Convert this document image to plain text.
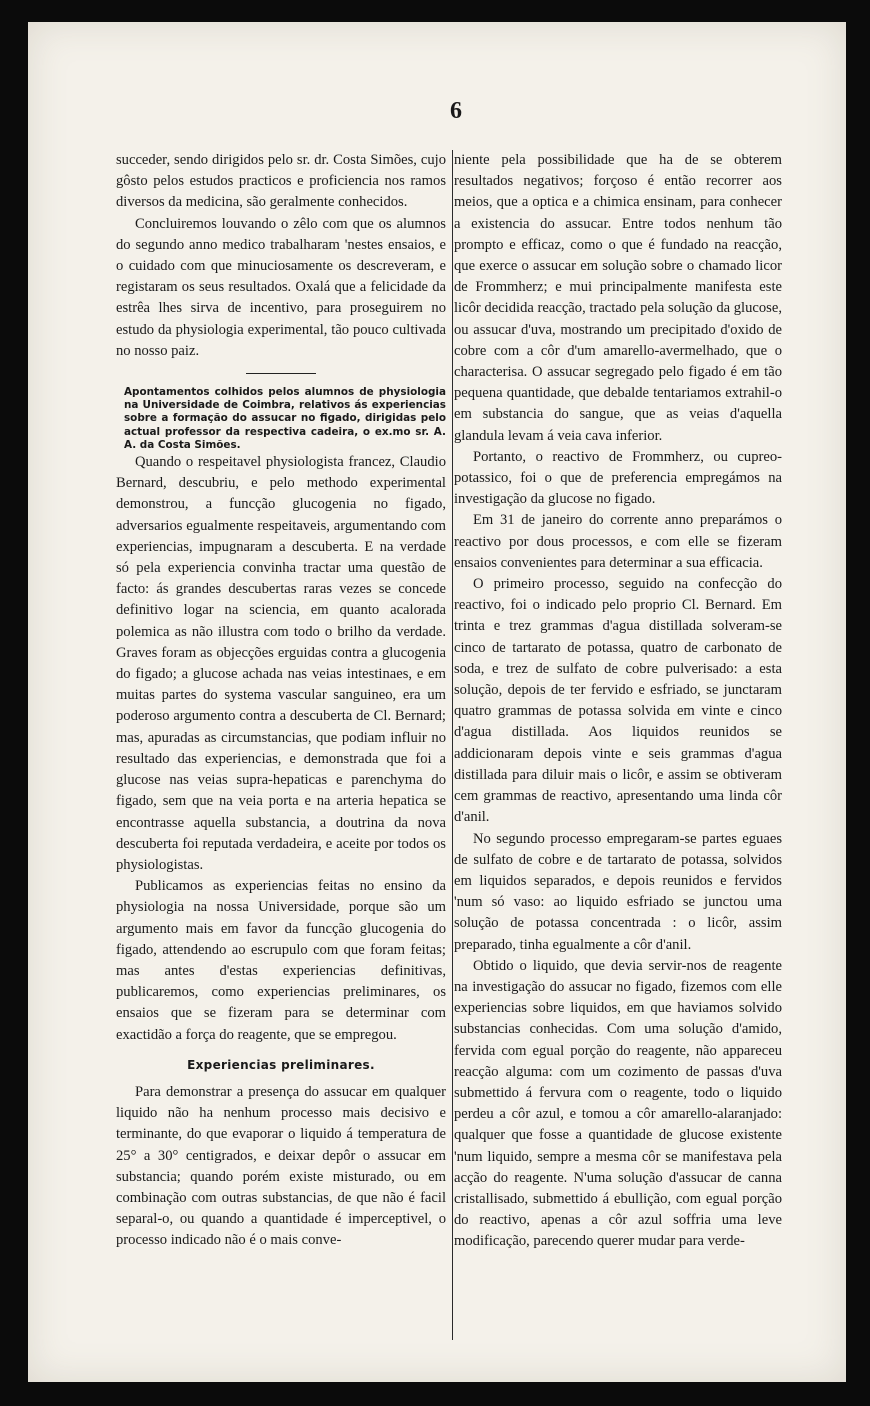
6

succeder, sendo dirigidos pelo sr. dr. Costa Simões, cujo gôsto pelos estudos practicos e proficiencia nos ramos diversos da medicina, são geralmente conhecidos.

Concluiremos louvando o zêlo com que os alumnos do segundo anno medico trabalharam 'nestes ensaios, e o cuidado com que minuciosamente os descreveram, e registaram os seus resultados. Oxalá que a felicidade da estrêa lhes sirva de incentivo, para proseguirem no estudo da physiologia experimental, tão pouco cultivada no nosso paiz.

Apontamentos colhidos pelos alumnos de physiologia na Universidade de Coimbra, relativos ás experiencias sobre a formação do assucar no figado, dirigidas pelo actual professor da respectiva cadeira, o ex.mo sr. A. A. da Costa Simões.

Quando o respeitavel physiologista francez, Claudio Bernard, descubriu, e pelo methodo experimental demonstrou, a funcção glucogenia no figado, adversarios egualmente respeitaveis, argumentando com experiencias, impugnaram a descuberta. E na verdade só pela experiencia convinha tractar uma questão de facto: ás grandes descubertas raras vezes se concede definitivo logar na sciencia, em quanto acalorada polemica as não illustra com todo o brilho da verdade. Graves foram as objecções erguidas contra a glucogenia do figado; a glucose achada nas veias intestinaes, e em muitas partes do systema vascular sanguineo, era um poderoso argumento contra a descuberta de Cl. Bernard; mas, apuradas as circumstancias, que podiam influir no resultado das experiencias, e demonstrada que foi a glucose nas veias supra-hepaticas e parenchyma do figado, sem que na veia porta e na arteria hepatica se encontrasse aquella substancia, a doutrina da nova descuberta foi reputada verdadeira, e aceite por todos os physiologistas.

Publicamos as experiencias feitas no ensino da physiologia na nossa Universidade, porque são um argumento mais em favor da funcção glucogenia do figado, attendendo ao escrupulo com que foram feitas; mas antes d'estas experiencias definitivas, publicaremos, como experiencias preliminares, os ensaios que se fizeram para se determinar com exactidão a força do reagente, que se empregou.

Experiencias preliminares.

Para demonstrar a presença do assucar em qualquer liquido não ha nenhum processo mais decisivo e terminante, do que evaporar o liquido á temperatura de 25° a 30° centigrados, e deixar depôr o assucar em substancia; quando porém existe misturado, ou em combinação com outras substancias, de que não é facil separal-o, ou quando a quantidade é imperceptivel, o processo indicado não é o mais conve-

niente pela possibilidade que ha de se obterem resultados negativos; forçoso é então recorrer aos meios, que a optica e a chimica ensinam, para conhecer a existencia do assucar. Entre todos nenhum tão prompto e efficaz, como o que é fundado na reacção, que exerce o assucar em solução sobre o chamado licor de Frommherz; e mui principalmente manifesta este licôr decidida reacção, tractado pela solução da glucose, ou assucar d'uva, mostrando um precipitado d'oxido de cobre com a côr d'um amarello-avermelhado, que o characterisa. O assucar segregado pelo figado é em tão pequena quantidade, que debalde tentariamos extrahil-o em substancia do sangue, que as veias d'aquella glandula levam á veia cava inferior.

Portanto, o reactivo de Frommherz, ou cupreo-potassico, foi o que de preferencia empregámos na investigação da glucose no figado.

Em 31 de janeiro do corrente anno preparámos o reactivo por dous processos, e com elle se fizeram ensaios convenientes para determinar a sua efficacia.

O primeiro processo, seguido na confecção do reactivo, foi o indicado pelo proprio Cl. Bernard. Em trinta e trez grammas d'agua distillada solveram-se cinco de tartarato de potassa, quatro de carbonato de soda, e trez de sulfato de cobre pulverisado: a esta solução, depois de ter fervido e esfriado, se junctaram quatro grammas de potassa solvida em vinte e cinco d'agua distillada. Aos liquidos reunidos se addicionaram depois vinte e seis grammas d'agua distillada para diluir mais o licôr, e assim se obtiveram cem grammas de reactivo, apresentando uma linda côr d'anil.

No segundo processo empregaram-se partes eguaes de sulfato de cobre e de tartarato de potassa, solvidos em liquidos separados, e depois reunidos e fervidos 'num só vaso: ao liquido esfriado se junctou uma solução de potassa concentrada : o licôr, assim preparado, tinha egualmente a côr d'anil.

Obtido o liquido, que devia servir-nos de reagente na investigação do assucar no figado, fizemos com elle experiencias sobre liquidos, em que haviamos solvido substancias conhecidas. Com uma solução d'amido, fervida com egual porção do reagente, não appareceu reacção alguma: com um cozimento de passas d'uva submettido á fervura com o reagente, todo o liquido perdeu a côr azul, e tomou a côr amarello-alaranjado: qualquer que fosse a quantidade de glucose existente 'num liquido, sempre a mesma côr se manifestava pela acção do reagente. N'uma solução d'assucar de canna cristallisado, submettido á ebullição, com egual porção do reactivo, apenas a côr azul soffria uma leve modificação, parecendo querer mudar para verde-
